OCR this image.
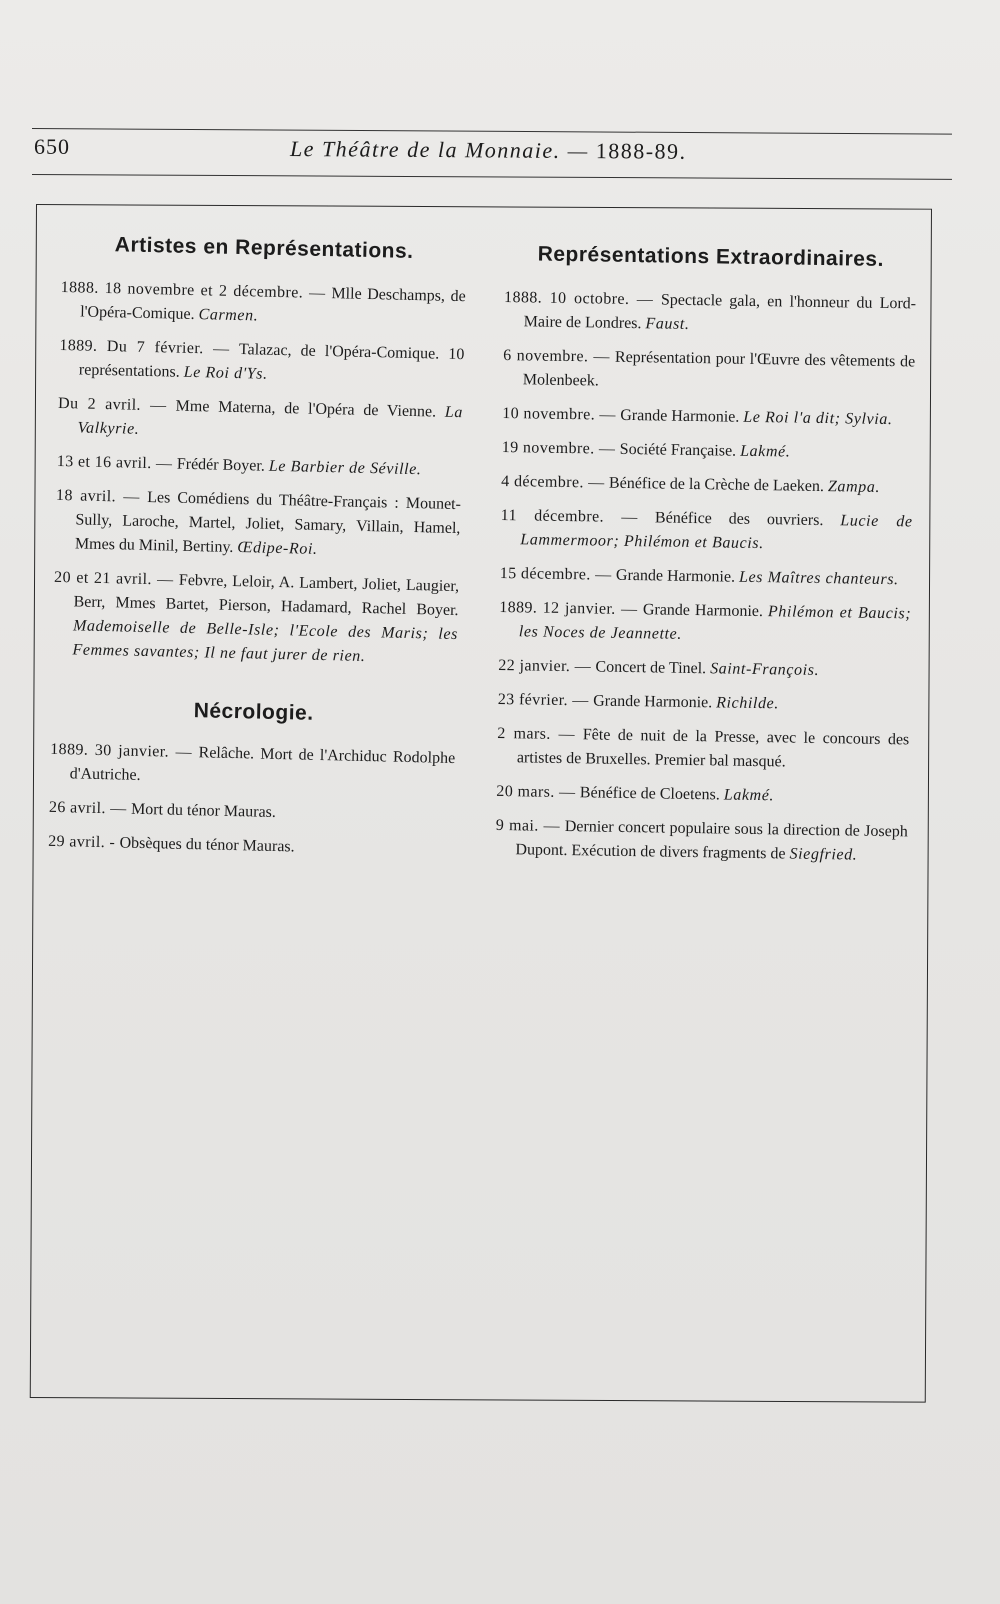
650	Le Théâtre de la Monnaie. — 1888-89.
Artistes en Représentations.
1888. 18 novembre et 2 décembre. — Mlle Deschamps, de l'Opéra-Comique. Carmen.
1889. Du 7 février. — Talazac, de l'Opéra-Comique. 10 représentations. Le Roi d'Ys.
Du 2 avril. — Mme Materna, de l'Opéra de Vienne. La Valkyrie.
13 et 16 avril. — Frédér Boyer. Le Barbier de Séville.
18 avril. — Les Comédiens du Théâtre-Français : Mounet-Sully, Laroche, Martel, Joliet, Samary, Villain, Hamel, Mmes du Minil, Bertiny. Œdipe-Roi.
20 et 21 avril. — Febvre, Leloir, A. Lambert, Joliet, Laugier, Berr, Mmes Bartet, Pierson, Hadamard, Rachel Boyer. Mademoiselle de Belle-Isle; l'Ecole des Maris; les Femmes savantes; Il ne faut jurer de rien.
Nécrologie.
1889. 30 janvier. — Relâche. Mort de l'Archiduc Rodolphe d'Autriche.
26 avril. — Mort du ténor Mauras.
29 avril. - Obsèques du ténor Mauras.
Représentations Extraordinaires.
1888. 10 octobre. — Spectacle gala, en l'honneur du Lord-Maire de Londres. Faust.
6 novembre. — Représentation pour l'Œuvre des vêtements de Molenbeek.
10 novembre. — Grande Harmonie. Le Roi l'a dit; Sylvia.
19 novembre. — Société Française. Lakmé.
4 décembre. — Bénéfice de la Crèche de Laeken. Zampa.
11 décembre. — Bénéfice des ouvriers. Lucie de Lammermoor; Philémon et Baucis.
15 décembre. — Grande Harmonie. Les Maîtres chanteurs.
1889. 12 janvier. — Grande Harmonie. Philémon et Baucis; les Noces de Jeannette.
22 janvier. — Concert de Tinel. Saint-François.
23 février. — Grande Harmonie. Richilde.
2 mars. — Fête de nuit de la Presse, avec le concours des artistes de Bruxelles. Premier bal masqué.
20 mars. — Bénéfice de Cloetens. Lakmé.
9 mai. — Dernier concert populaire sous la direction de Joseph Dupont. Exécution de divers fragments de Siegfried.
